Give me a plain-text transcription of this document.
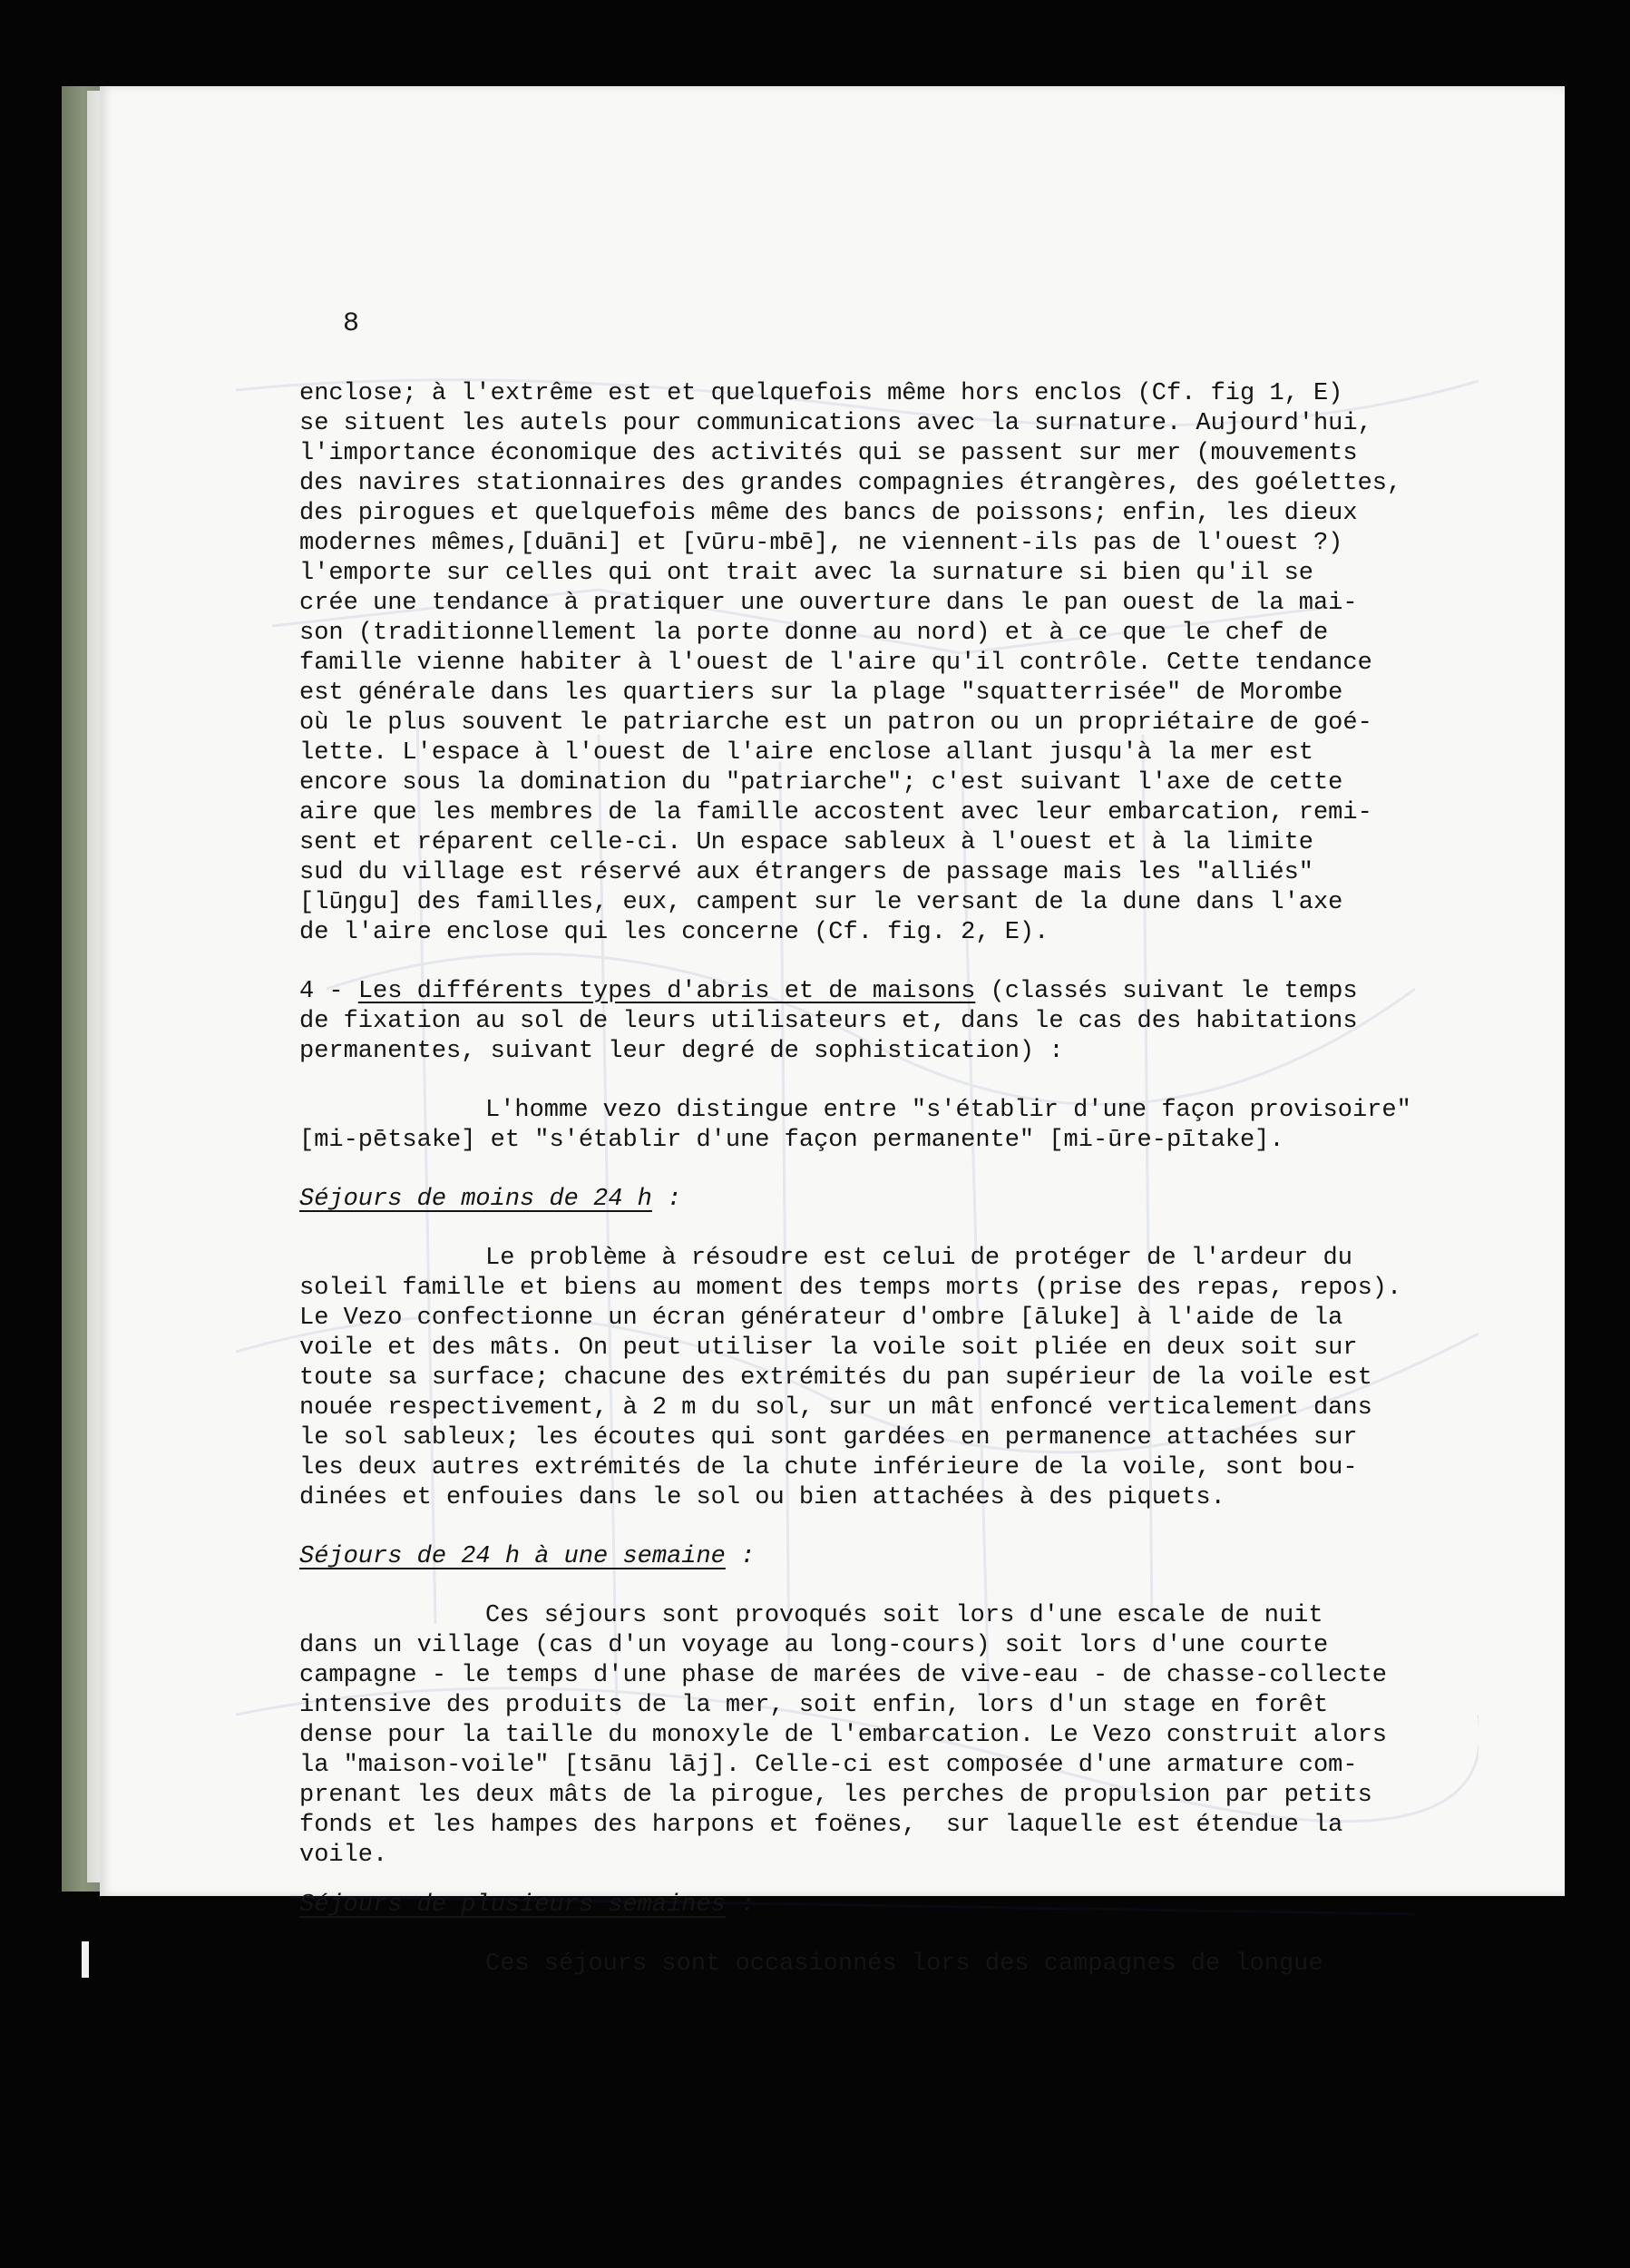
8
enclose; à l'extrême est et quelquefois même hors enclos (Cf. fig 1, E)
se situent les autels pour communications avec la surnature. Aujourd'hui,
l'importance économique des activités qui se passent sur mer (mouvements
des navires stationnaires des grandes compagnies étrangères, des goélettes,
des pirogues et quelquefois même des bancs de poissons; enfin, les dieux
modernes mêmes,[duāni] et [vūru-mbē], ne viennent-ils pas de l'ouest ?)
l'emporte sur celles qui ont trait avec la surnature si bien qu'il se
crée une tendance à pratiquer une ouverture dans le pan ouest de la mai-
son (traditionnellement la porte donne au nord) et à ce que le chef de
famille vienne habiter à l'ouest de l'aire qu'il contrôle. Cette tendance
est générale dans les quartiers sur la plage "squatterrisée" de Morombe
où le plus souvent le patriarche est un patron ou un propriétaire de goé-
lette. L'espace à l'ouest de l'aire enclose allant jusqu'à la mer est
encore sous la domination du "patriarche"; c'est suivant l'axe de cette
aire que les membres de la famille accostent avec leur embarcation, remi-
sent et réparent celle-ci. Un espace sableux à l'ouest et à la limite
sud du village est réservé aux étrangers de passage mais les "alliés"
[lūŋgu] des familles, eux, campent sur le versant de la dune dans l'axe
de l'aire enclose qui les concerne (Cf. fig. 2, E).
4 - Les différents types d'abris et de maisons (classés suivant le temps
de fixation au sol de leurs utilisateurs et, dans le cas des habitations
permanentes, suivant leur degré de sophistication) :
L'homme vezo distingue entre "s'établir d'une façon provisoire"
[mi-pētsake] et "s'établir d'une façon permanente" [mi-ūre-pītake].
Séjours de moins de 24 h :
Le problème à résoudre est celui de protéger de l'ardeur du
soleil famille et biens au moment des temps morts (prise des repas, repos).
Le Vezo confectionne un écran générateur d'ombre [āluke] à l'aide de la
voile et des mâts. On peut utiliser la voile soit pliée en deux soit sur
toute sa surface; chacune des extrémités du pan supérieur de la voile est
nouée respectivement, à 2 m du sol, sur un mât enfoncé verticalement dans
le sol sableux; les écoutes qui sont gardées en permanence attachées sur
les deux autres extrémités de la chute inférieure de la voile, sont bou-
dinées et enfouies dans le sol ou bien attachées à des piquets.
Séjours de 24 h à une semaine :
Ces séjours sont provoqués soit lors d'une escale de nuit
dans un village (cas d'un voyage au long-cours) soit lors d'une courte
campagne - le temps d'une phase de marées de vive-eau - de chasse-collecte
intensive des produits de la mer, soit enfin, lors d'un stage en forêt
dense pour la taille du monoxyle de l'embarcation. Le Vezo construit alors
la "maison-voile" [tsānu lāj]. Celle-ci est composée d'une armature com-
prenant les deux mâts de la pirogue, les perches de propulsion par petits
fonds et les hampes des harpons et foënes,  sur laquelle est étendue la
voile.
Séjours de plusieurs semaines :
Ces séjours sont occasionnés lors des campagnes de longue
